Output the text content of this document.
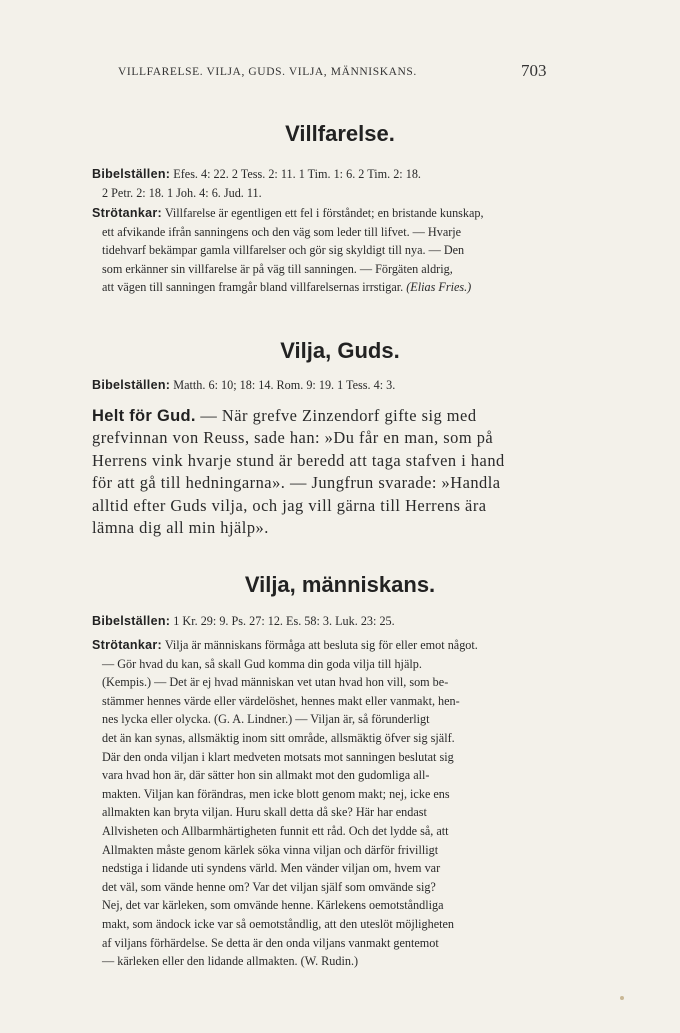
VILLFARELSE. VILJA, GUDS. VILJA, MÄNNISKANS.	703
Villfarelse.
Bibelställen: Efes. 4: 22. 2 Tess. 2: 11. 1 Tim. 1: 6. 2 Tim. 2: 18.
2 Petr. 2: 18. 1 Joh. 4: 6. Jud. 11.
Strötankar: Villfarelse är egentligen ett fel i förståndet; en bristande kunskap,
ett afvikande ifrån sanningens och den väg som leder till lifvet. — Hvarje
tidehvarf bekämpar gamla villfarelser och gör sig skyldigt till nya. — Den
som erkänner sin villfarelse är på väg till sanningen. — Förgäten aldrig,
att vägen till sanningen framgår bland villfarelsernas irrstigar. (Elias Fries.)
Vilja, Guds.
Bibelställen: Matth. 6: 10; 18: 14. Rom. 9: 19. 1 Tess. 4: 3.
Helt för Gud. — När grefve Zinzendorf gifte sig med
grefvinnan von Reuss, sade han: »Du får en man, som på
Herrens vink hvarje stund är beredd att taga stafven i hand
för att gå till hedningarna». — Jungfrun svarade: »Handla
alltid efter Guds vilja, och jag vill gärna till Herrens ära
lämna dig all min hjälp».
Vilja, människans.
Bibelställen: 1 Kr. 29: 9. Ps. 27: 12. Es. 58: 3. Luk. 23: 25.
Strötankar: Vilja är människans förmåga att besluta sig för eller emot något.
— Gör hvad du kan, så skall Gud komma din goda vilja till hjälp.
(Kempis.) — Det är ej hvad människan vet utan hvad hon vill, som be-
stämmer hennes värde eller värdelöshet, hennes makt eller vanmakt, hen-
nes lycka eller olycka. (G. A. Lindner.) — Viljan är, så förunderligt
det än kan synas, allsmäktig inom sitt område, allsmäktig öfver sig själf.
Där den onda viljan i klart medveten motsats mot sanningen beslutat sig
vara hvad hon är, där sätter hon sin allmakt mot den gudomliga all-
makten. Viljan kan förändras, men icke blott genom makt; nej, icke ens
allmakten kan bryta viljan. Huru skall detta då ske? Här har endast
Allvisheten och Allbarmhärtigheten funnit ett råd. Och det lydde så, att
Allmakten måste genom kärlek söka vinna viljan och därför frivilligt
nedstiga i lidande uti syndens värld. Men vänder viljan om, hvem var
det väl, som vände henne om? Var det viljan själf som omvände sig?
Nej, det var kärleken, som omvände henne. Kärlekens oemotståndliga
makt, som ändock icke var så oemotståndlig, att den uteslöt möjligheten
af viljans förhärdelse. Se detta är den onda viljans vanmakt gentemot
— kärleken eller den lidande allmakten. (W. Rudin.)
